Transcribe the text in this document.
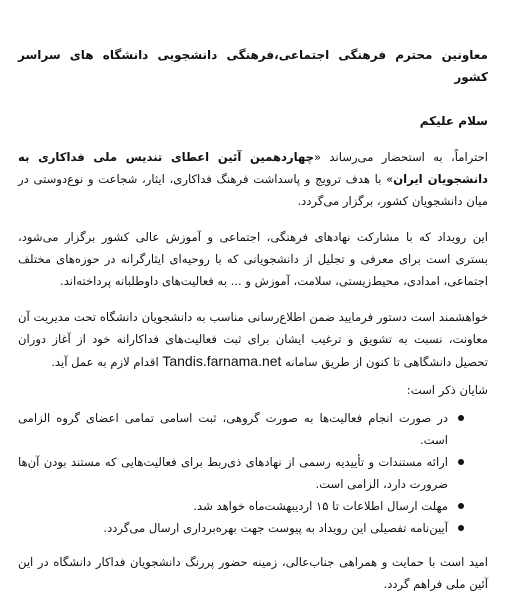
معاونین محترم فرهنگی اجتماعی،فرهنگی دانشجویی دانشگاه های سراسر کشور

سلام علیکم

احتراماً، به استحضار می‌رساند «چهاردهمین آئین اعطای تندیس ملی فداکاری به دانشجویان ایران» با هدف ترویج و پاسداشت فرهنگ فداکاری، ایثار، شجاعت و نوع‌دوستی در میان دانشجویان کشور، برگزار می‌گردد.

این رویداد که با مشارکت نهادهای فرهنگی، اجتماعی و آموزش عالی کشور برگزار می‌شود، بستری است برای معرفی و تجلیل از دانشجویانی که با روحیه‌ای ایثارگرانه در حوزه‌های مختلف اجتماعی، امدادی، محیط‌زیستی، سلامت، آموزش و ... به فعالیت‌های داوطلبانه پرداخته‌اند.

خواهشمند است دستور فرمایید ضمن اطلاع‌رسانی مناسب به دانشجویان دانشگاه تحت مدیریت آن معاونت، نسبت به تشویق و ترغیب ایشان برای ثبت فعالیت‌های فداکارانه خود از آغاز دوران تحصیل دانشگاهی تا کنون از طریق سامانه Tandis.farnama.net اقدام لازم به عمل آید.

شایان ذکر است:

در صورت انجام فعالیت‌ها به صورت گروهی، ثبت اسامی تمامی اعضای گروه الزامی است.
ارائه مستندات و تأییدیه رسمی از نهادهای ذی‌ربط برای فعالیت‌هایی که مستند بودن آن‌ها ضرورت دارد، الزامی است.
مهلت ارسال اطلاعات تا ۱۵ اردیبهشت‌ماه خواهد شد.
آیین‌نامه تفصیلی این رویداد به پیوست جهت بهره‌برداری ارسال می‌گردد.

امید است با حمایت و همراهی جناب‌عالی، زمینه حضور پررنگ دانشجویان فداکار دانشگاه در این آئین ملی فراهم گردد.
